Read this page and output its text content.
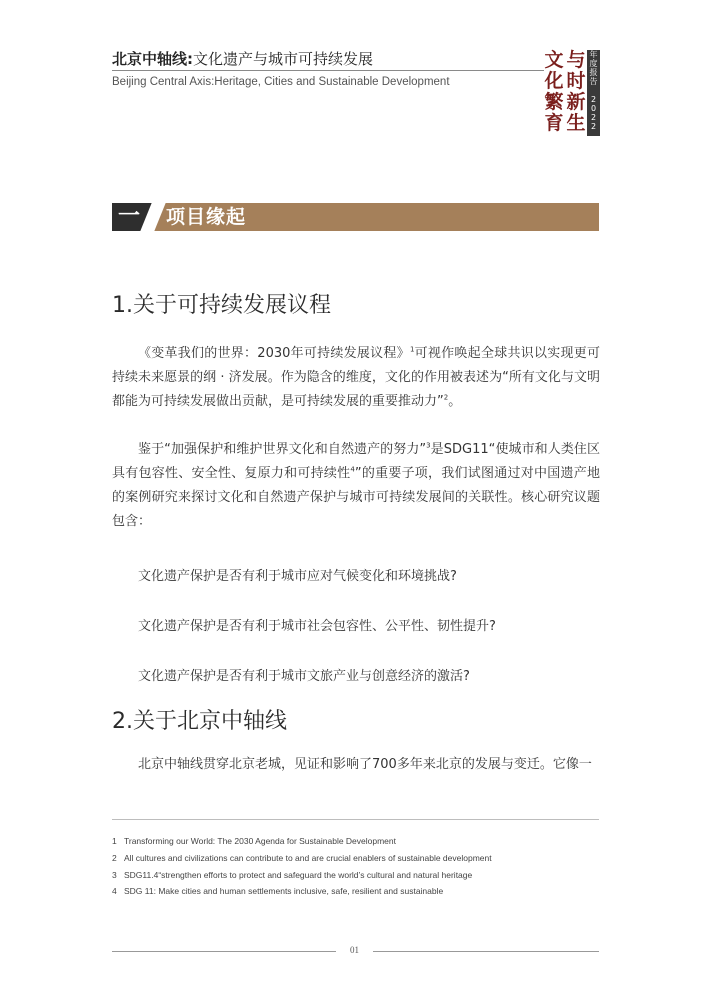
北京中轴线:文化遗产与城市可持续发展
Beijing Central Axis:Heritage, Cities and Sustainable Development
文
化
繁
育
与
时
新
生
年
度
报
告

2
0
2
2
一 项目缘起
1.关于可持续发展议程
《变革我们的世界：2030年可持续发展议程》$^1$可视作唤起全球共识以实现更可持续未来愿景的纲 · 济发展。作为隐含的维度，文化的作用被表述为“所有文化与文明都能为可持续发展做出贡献，是可持续发展的重要推动力”$^2$。
鉴于“加强保护和维护世界文化和自然遗产的努力”$^3$是SDG11“使城市和人类住区具有包容性、安全性、复原力和可持续性$^4$”的重要子项，我们试图通过对中国遗产地的案例研究来探讨文化和自然遗产保护与城市可持续发展间的关联性。核心研究议题包含：
文化遗产保护是否有利于城市应对气候变化和环境挑战?
文化遗产保护是否有利于城市社会包容性、公平性、韧性提升?
文化遗产保护是否有利于城市文旅产业与创意经济的激活?
2.关于北京中轴线
北京中轴线贯穿北京老城，见证和影响了700多年来北京的发展与变迁。它像一
1 Transforming our World: The 2030 Agenda for Sustainable Development
2 All cultures and civilizations can contribute to and are crucial enablers of sustainable development
3 SDG11.4“strengthen efforts to protect and safeguard the world’s cultural and natural heritage
4 SDG 11: Make cities and human settlements inclusive, safe, resilient and sustainable
01
